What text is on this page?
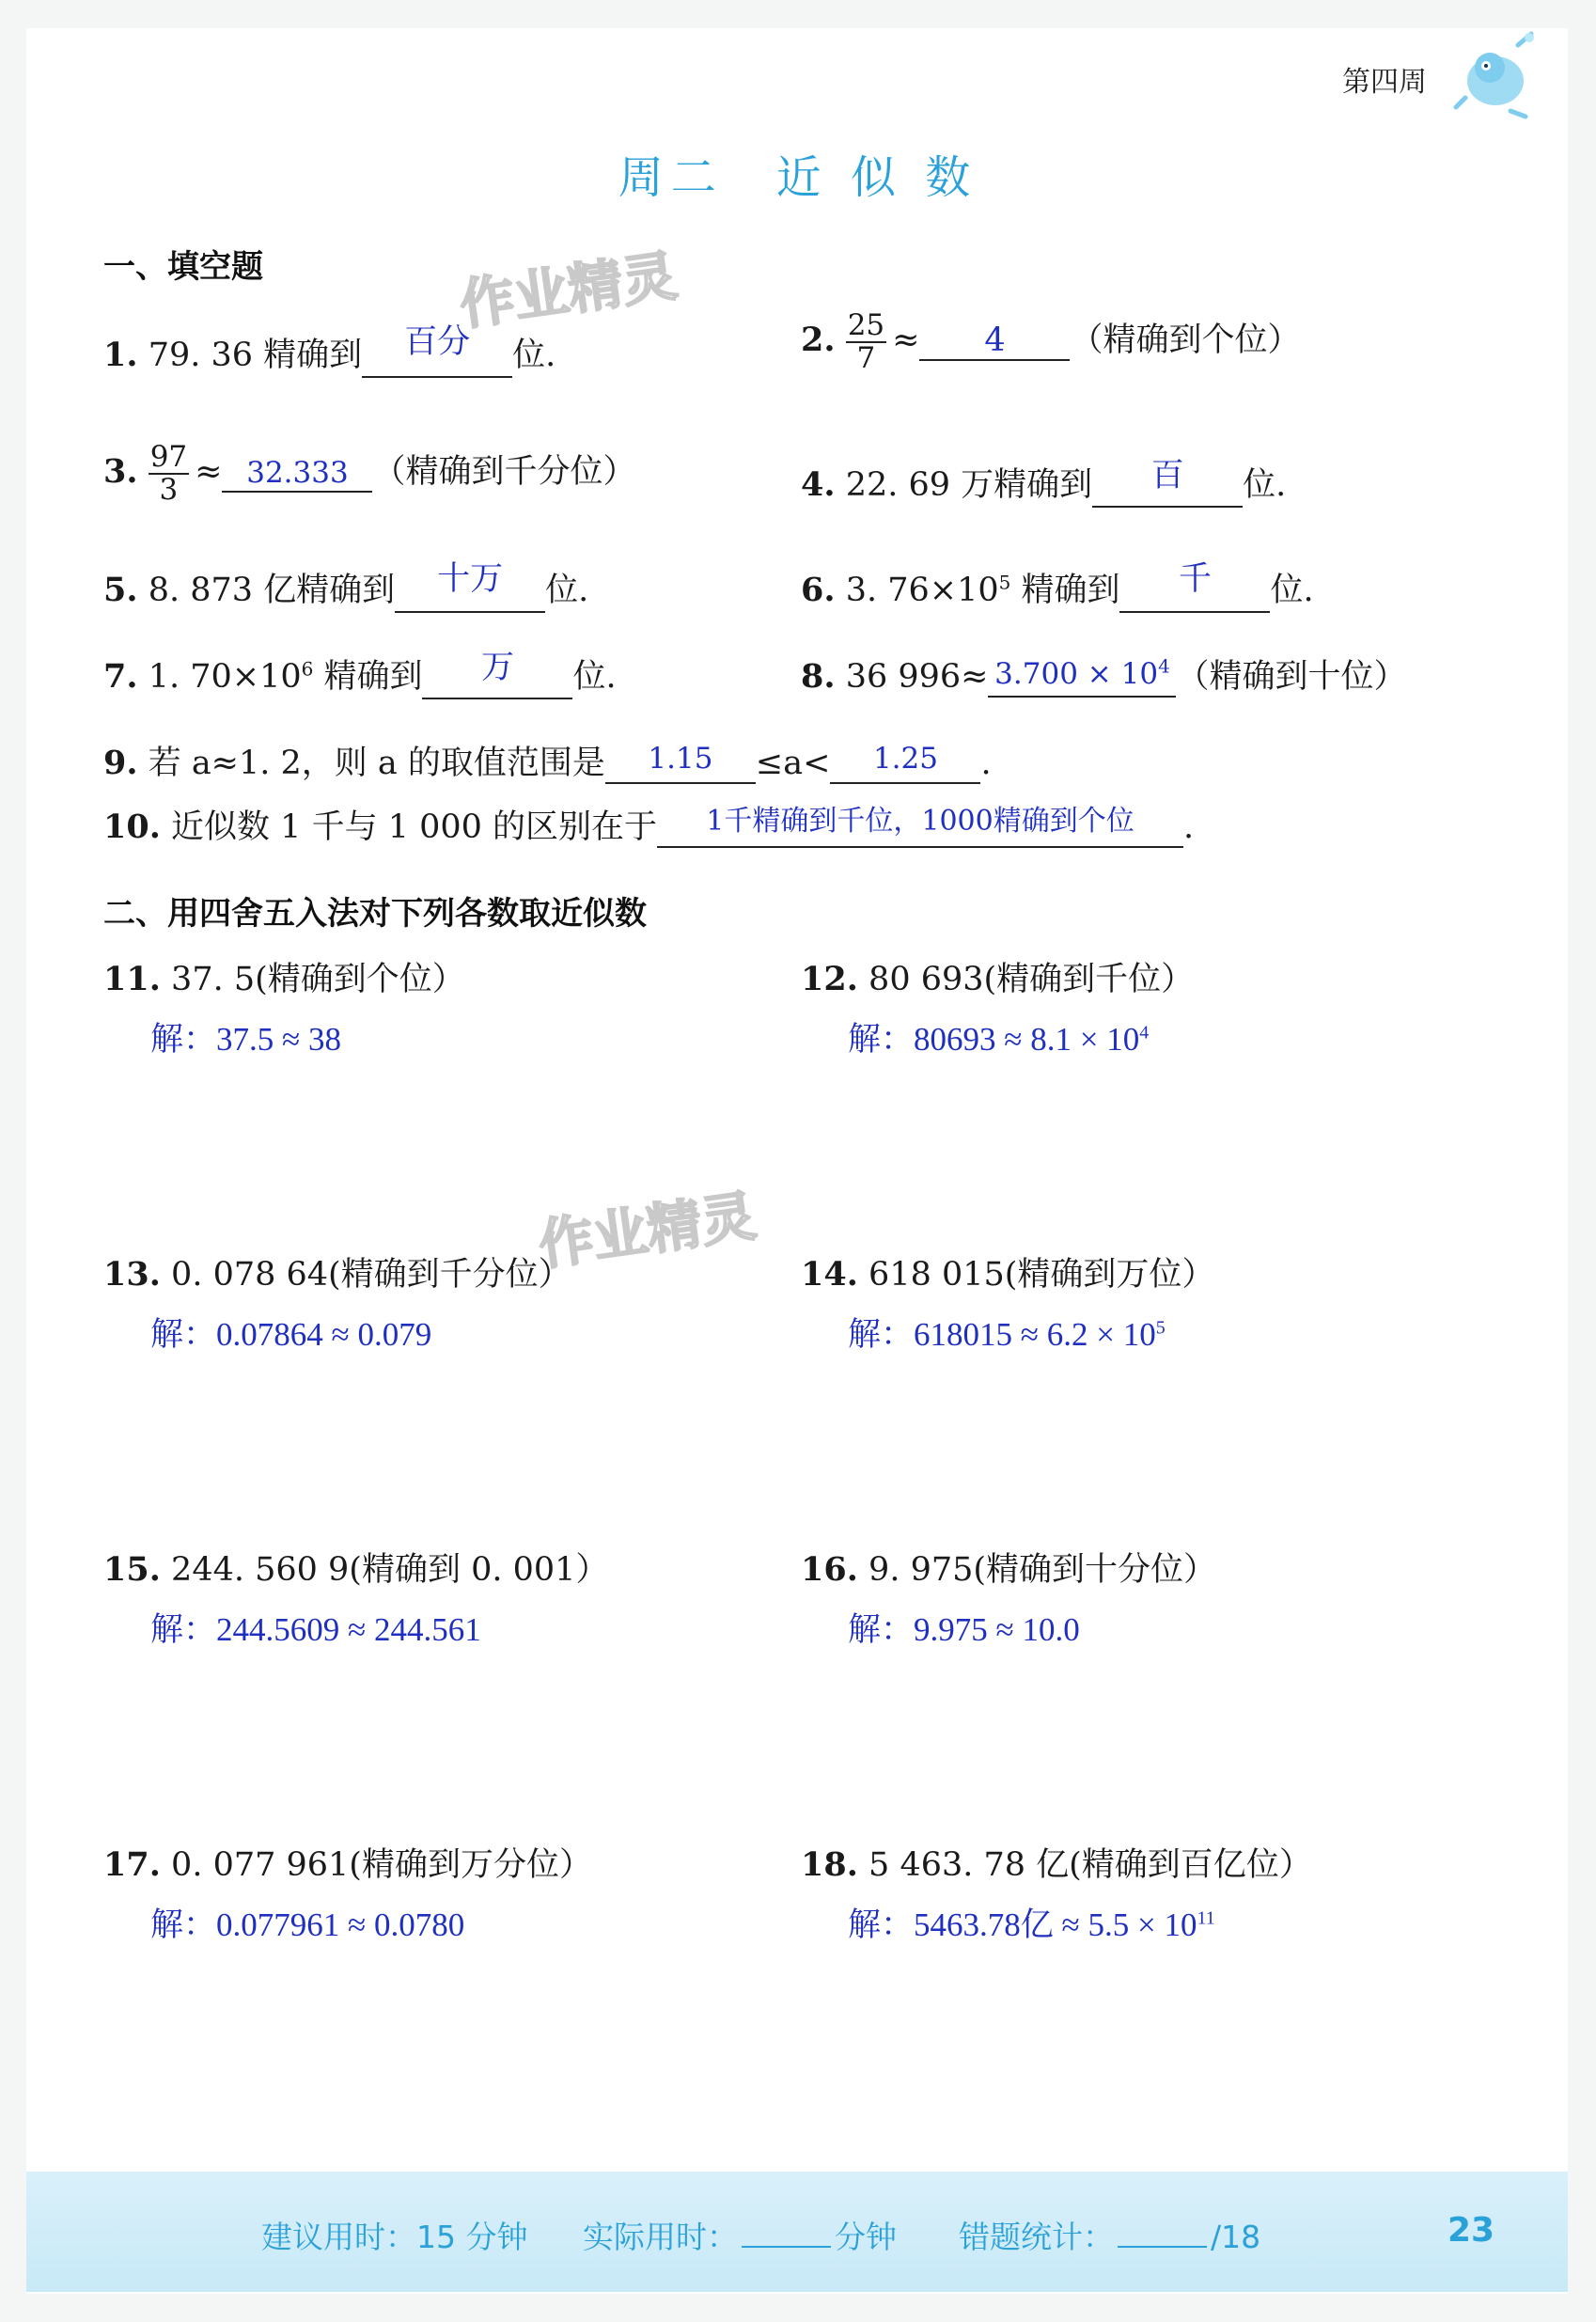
第四周
周二　近 似 数
作业精灵
作业精灵
一、填空题
1. 79. 36 精确到 百分 位.	2. $\frac{25}{7} \approx 4$ （精确到个位）
3. $\frac{97}{3} \approx 32.333$ （精确到千分位）	4. 22. 69 万精确到 百 位.
5. 8. 873 亿精确到 十万 位.	6. 3. $76\times 10^5$ 精确到 千 位.
7. 1. $70\times 10^6$ 精确到 万 位.	8. 36 $996\approx 3.700 \times 10^4$ （精确到十位）
9. 若 a≈1. 2，则 a 的取值范围是 1.15 ≤a< 1.25 .
10. 近似数 1 千与 1 000 的区别在于 1千精确到千位，1000精确到个位 .
二、用四舍五入法对下列各数取近似数
11. 37. 5(精确到个位）
解：37.5 ≈ 38
12. 80 693(精确到千位）
解：$80693 \approx 8.1 \times 10^4$
13. 0. 078 64(精确到千分位）
解：0.07864 ≈ 0.079
14. 618 015(精确到万位）
解：$618015 \approx 6.2 \times 10^5$
15. 244. 560 9(精确到 0. 001）
解：244.5609 ≈ 244.561
16. 9. 975(精确到十分位）
解：9.975 ≈ 10.0
17. 0. 077 961(精确到万分位）
解：0.077961 ≈ 0.0780
18. 5 463. 78 亿(精确到百亿位）
解：5463.78亿 ≈ $5.5 \times 10^{11}$
建议用时：15 分钟 实际用时：	分钟 错题统计：	/18	23
